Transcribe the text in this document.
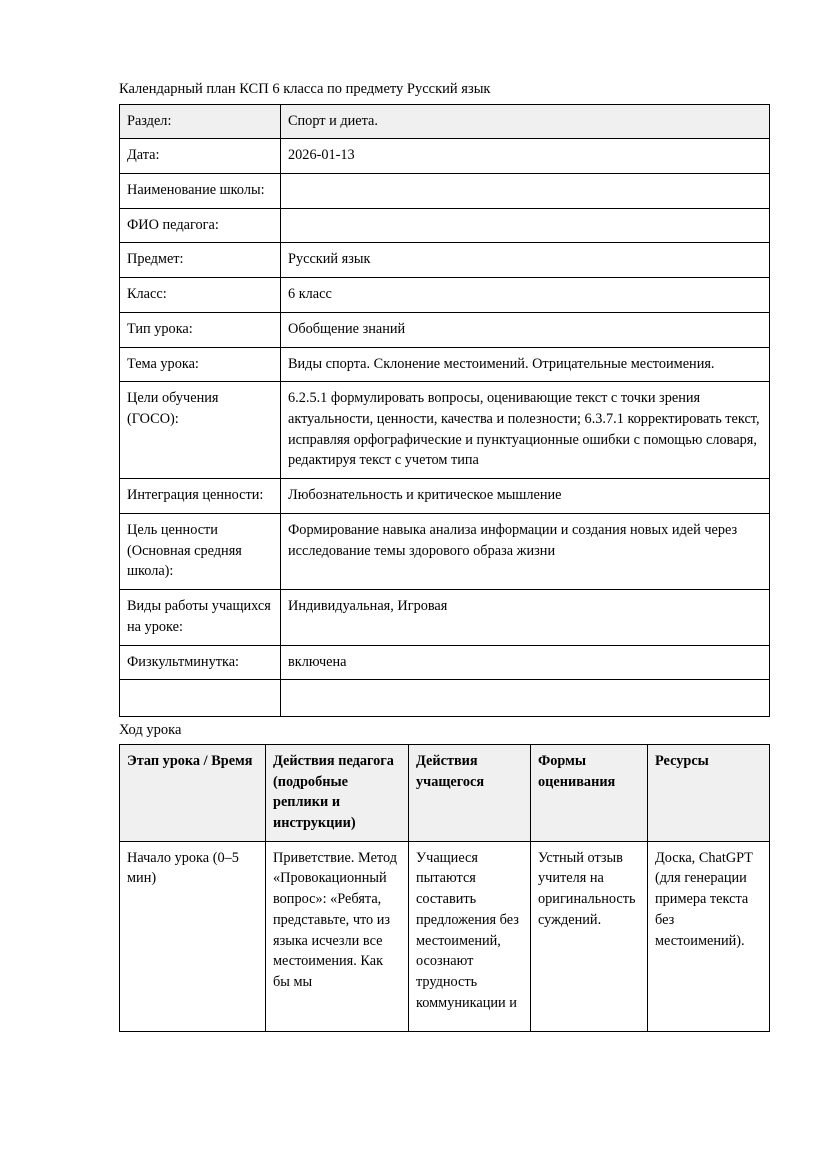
Календарный план КСП 6 класса по предмету Русский язык
Раздел:	Спорт и диета.
Дата:	2026-01-13
Наименование школы:	
ФИО педагога:	
Предмет:	Русский язык
Класс:	6 класс
Тип урока:	Обобщение знаний
Тема урока:	Виды спорта. Склонение местоимений. Отрицательные местоимения.
Цели обучения (ГОСО):	6.2.5.1 формулировать вопросы, оценивающие текст с точки зрения актуальности, ценности, качества и полезности; 6.3.7.1 корректировать текст, исправляя орфографические и пунктуационные ошибки с помощью словаря, редактируя текст с учетом типа
Интеграция ценности:	Любознательность и критическое мышление
Цель ценности (Основная средняя школа):	Формирование навыка анализа информации и создания новых идей через исследование темы здорового образа жизни
Виды работы учащихся на уроке:	Индивидуальная, Игровая
Физкультминутка:	включена

Ход урока
Этап урока / Время	Действия педагога (подробные реплики и инструкции)	Действия учащегося	Формы оценивания	Ресурсы
Начало урока (0–5 мин)	Приветствие. Метод «Провокационный вопрос»: «Ребята, представьте, что из языка исчезли все местоимения. Как бы мы	Учащиеся пытаются составить предложения без местоимений, осознают трудность коммуникации и	Устный отзыв учителя на оригинальность суждений.	Доска, ChatGPT (для генерации примера текста без местоимений).
